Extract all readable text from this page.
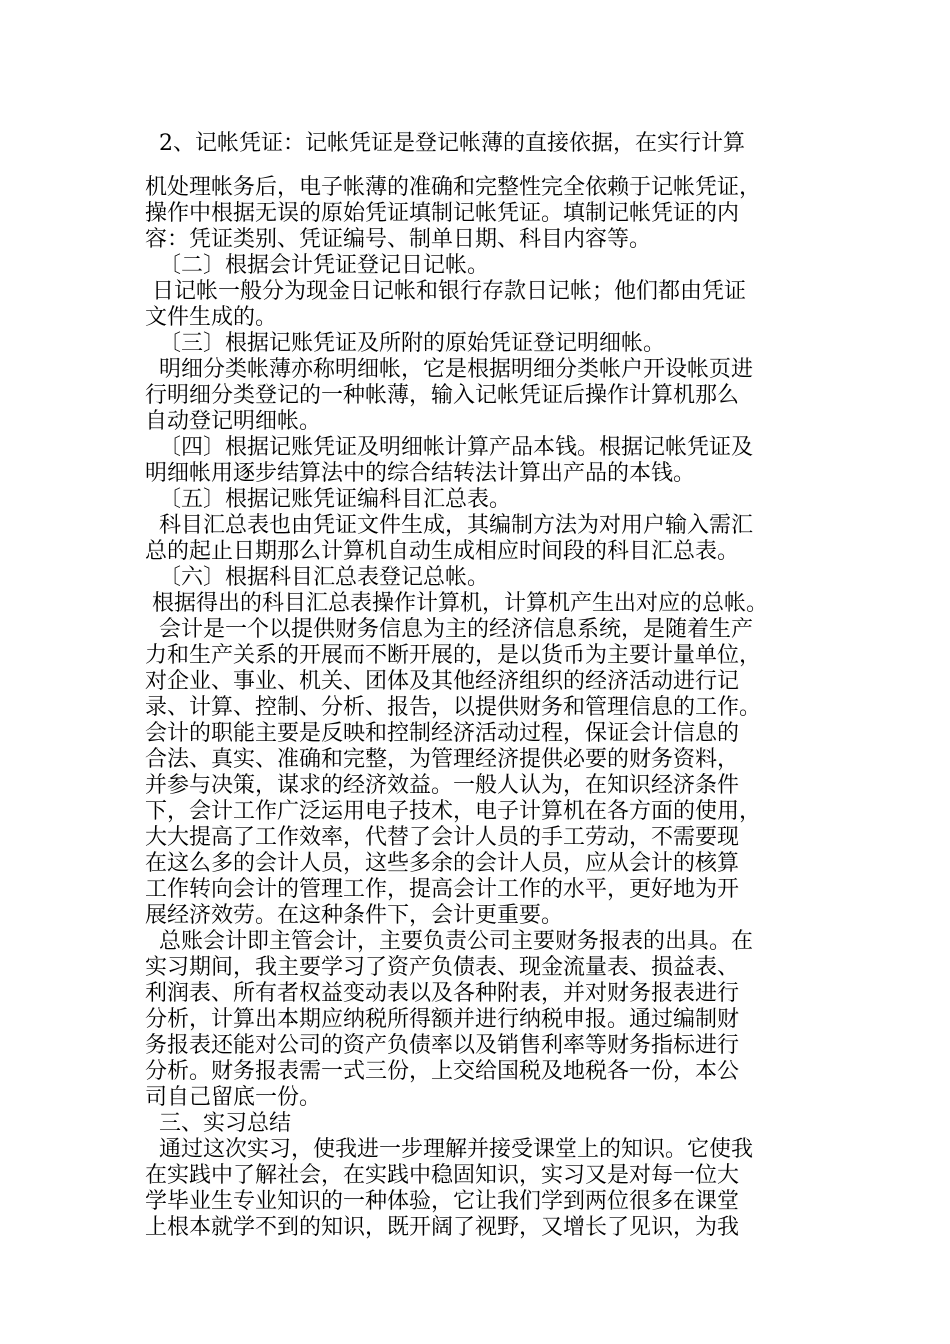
2、记帐凭证：记帐凭证是登记帐薄的直接依据，在实行计算
机处理帐务后，电子帐薄的准确和完整性完全依赖于记帐凭证，
操作中根据无误的原始凭证填制记帐凭证。填制记帐凭证的内
容：凭证类别、凭证编号、制单日期、科目内容等。
〔二〕根据会计凭证登记日记帐。
日记帐一般分为现金日记帐和银行存款日记帐；他们都由凭证
文件生成的。
〔三〕根据记账凭证及所附的原始凭证登记明细帐。
明细分类帐薄亦称明细帐，它是根据明细分类帐户开设帐页进
行明细分类登记的一种帐薄，输入记帐凭证后操作计算机那么
自动登记明细帐。
〔四〕根据记账凭证及明细帐计算产品本钱。根据记帐凭证及
明细帐用逐步结算法中的综合结转法计算出产品的本钱。
〔五〕根据记账凭证编科目汇总表。
科目汇总表也由凭证文件生成，其编制方法为对用户输入需汇
总的起止日期那么计算机自动生成相应时间段的科目汇总表。
〔六〕根据科目汇总表登记总帐。
根据得出的科目汇总表操作计算机，计算机产生出对应的总帐。
会计是一个以提供财务信息为主的经济信息系统，是随着生产
力和生产关系的开展而不断开展的，是以货币为主要计量单位，
对企业、事业、机关、团体及其他经济组织的经济活动进行记
录、计算、控制、分析、报告，以提供财务和管理信息的工作。
会计的职能主要是反映和控制经济活动过程，保证会计信息的
合法、真实、准确和完整，为管理经济提供必要的财务资料，
并参与决策，谋求的经济效益。一般人认为，在知识经济条件
下，会计工作广泛运用电子技术，电子计算机在各方面的使用，
大大提高了工作效率，代替了会计人员的手工劳动，不需要现
在这么多的会计人员，这些多余的会计人员，应从会计的核算
工作转向会计的管理工作，提高会计工作的水平，更好地为开
展经济效劳。在这种条件下，会计更重要。
总账会计即主管会计，主要负责公司主要财务报表的出具。在
实习期间，我主要学习了资产负债表、现金流量表、损益表、
利润表、所有者权益变动表以及各种附表，并对财务报表进行
分析，计算出本期应纳税所得额并进行纳税申报。通过编制财
务报表还能对公司的资产负债率以及销售利率等财务指标进行
分析。财务报表需一式三份，上交给国税及地税各一份，本公
司自己留底一份。
三、实习总结
通过这次实习，使我进一步理解并接受课堂上的知识。它使我
在实践中了解社会，在实践中稳固知识，实习又是对每一位大
学毕业生专业知识的一种体验，它让我们学到两位很多在课堂
上根本就学不到的知识，既开阔了视野，又增长了见识，为我
